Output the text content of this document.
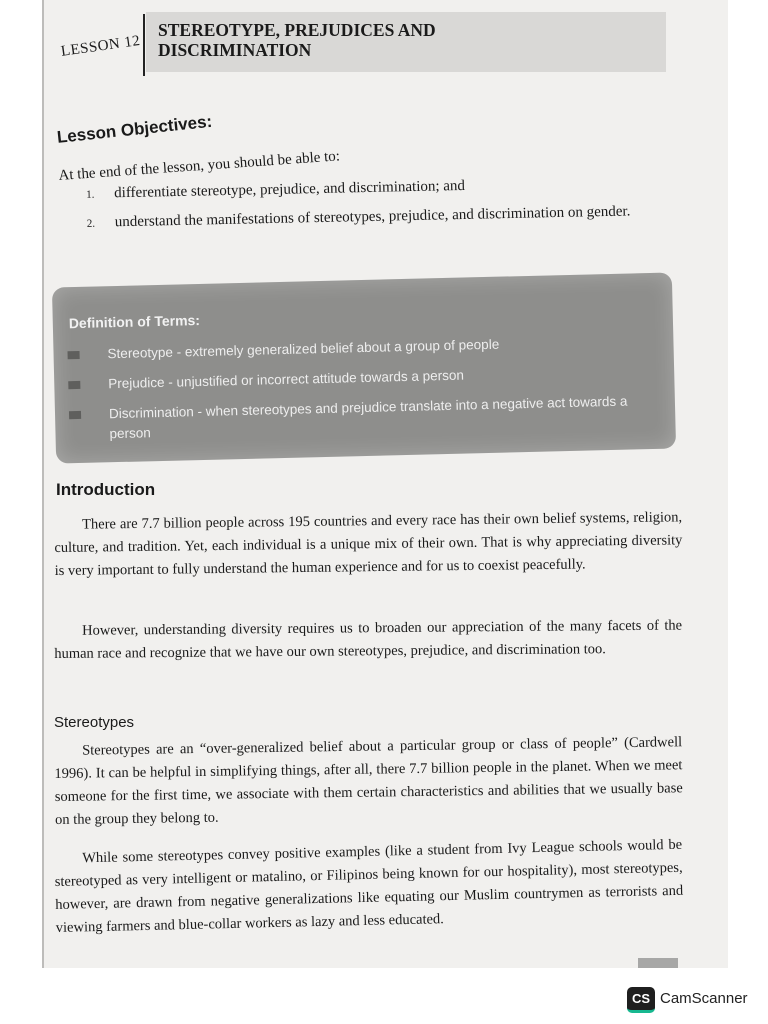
LESSON 12
STEREOTYPE, PREJUDICES AND
DISCRIMINATION
Lesson Objectives:
At the end of the lesson, you should be able to:
1. differentiate stereotype, prejudice, and discrimination; and
2. understand the manifestations of stereotypes, prejudice, and discrimination on gender.
Definition of Terms:
Stereotype - extremely generalized belief about a group of people
Prejudice - unjustified or incorrect attitude towards a person
Discrimination - when stereotypes and prejudice translate into a negative act towards a person
Introduction
There are 7.7 billion people across 195 countries and every race has their own belief systems, religion, culture, and tradition. Yet, each individual is a unique mix of their own. That is why appreciating diversity is very important to fully understand the human experience and for us to coexist peacefully.
However, understanding diversity requires us to broaden our appreciation of the many facets of the human race and recognize that we have our own stereotypes, prejudice, and discrimination too.
Stereotypes
Stereotypes are an “over-generalized belief about a particular group or class of people” (Cardwell 1996). It can be helpful in simplifying things, after all, there 7.7 billion people in the planet. When we meet someone for the first time, we associate with them certain characteristics and abilities that we usually base on the group they belong to.
While some stereotypes convey positive examples (like a student from Ivy League schools would be stereotyped as very intelligent or matalino, or Filipinos being known for our hospitality), most stereotypes, however, are drawn from negative generalizations like equating our Muslim countrymen as terrorists and viewing farmers and blue-collar workers as lazy and less educated.
CS CamScanner
